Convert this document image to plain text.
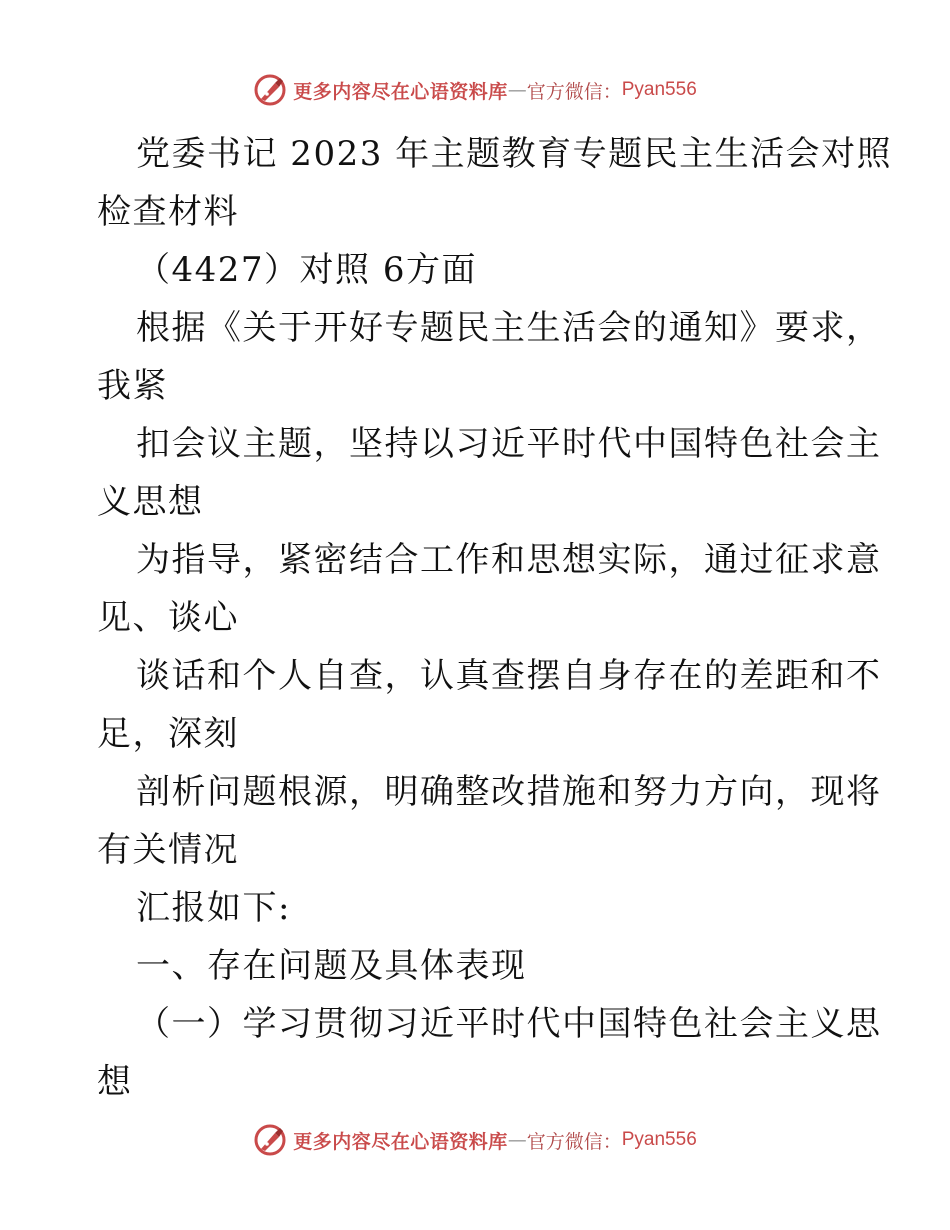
更多内容尽在心语资料库 — 官方微信： Pyan556
党委书记 2023 年主题教育专题民主生活会对照
检查材料
（4427）对照 6方面
根据《关于开好专题民主生活会的通知》要求，
我紧
扣会议主题，坚持以习近平时代中国特色社会主
义思想
为指导，紧密结合工作和思想实际，通过征求意
见、谈心
谈话和个人自查，认真查摆自身存在的差距和不
足，深刻
剖析问题根源，明确整改措施和努力方向，现将
有关情况
汇报如下:
一、存在问题及具体表现
（一）学习贯彻习近平时代中国特色社会主义思
想
更多内容尽在心语资料库 — 官方微信： Pyan556
